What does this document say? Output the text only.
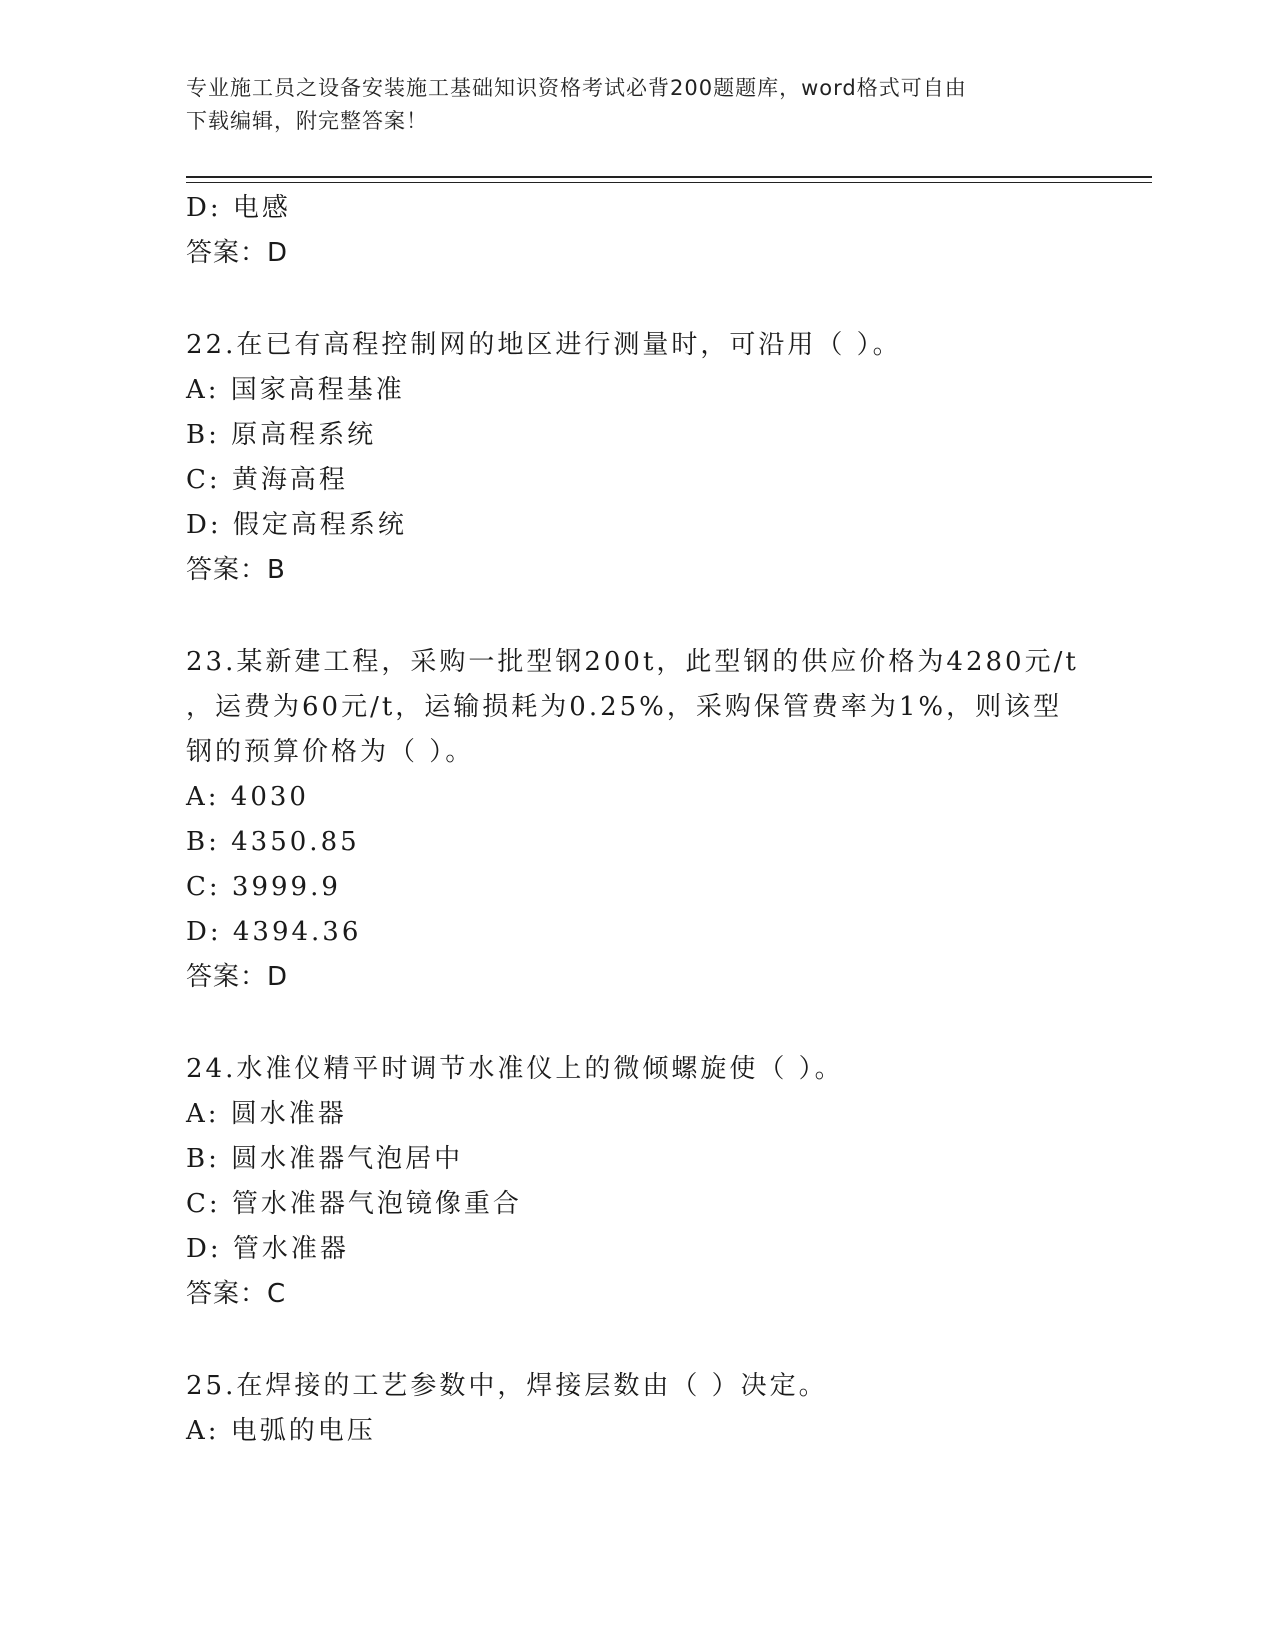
专业施工员之设备安装施工基础知识资格考试必背200题题库，word格式可自由
下载编辑，附完整答案！
D: 电感
答案：D
22.在已有高程控制网的地区进行测量时，可沿用（ ）。
A: 国家高程基准
B: 原高程系统
C: 黄海高程
D: 假定高程系统
答案：B
23.某新建工程，采购一批型钢200t，此型钢的供应价格为4280元/t
，运费为60元/t，运输损耗为0.25%，采购保管费率为1%，则该型
钢的预算价格为（ ）。
A: 4030
B: 4350.85
C: 3999.9
D: 4394.36
答案：D
24.水准仪精平时调节水准仪上的微倾螺旋使（ ）。
A: 圆水准器
B: 圆水准器气泡居中
C: 管水准器气泡镜像重合
D: 管水准器
答案：C
25.在焊接的工艺参数中，焊接层数由（ ）决定。
A: 电弧的电压
